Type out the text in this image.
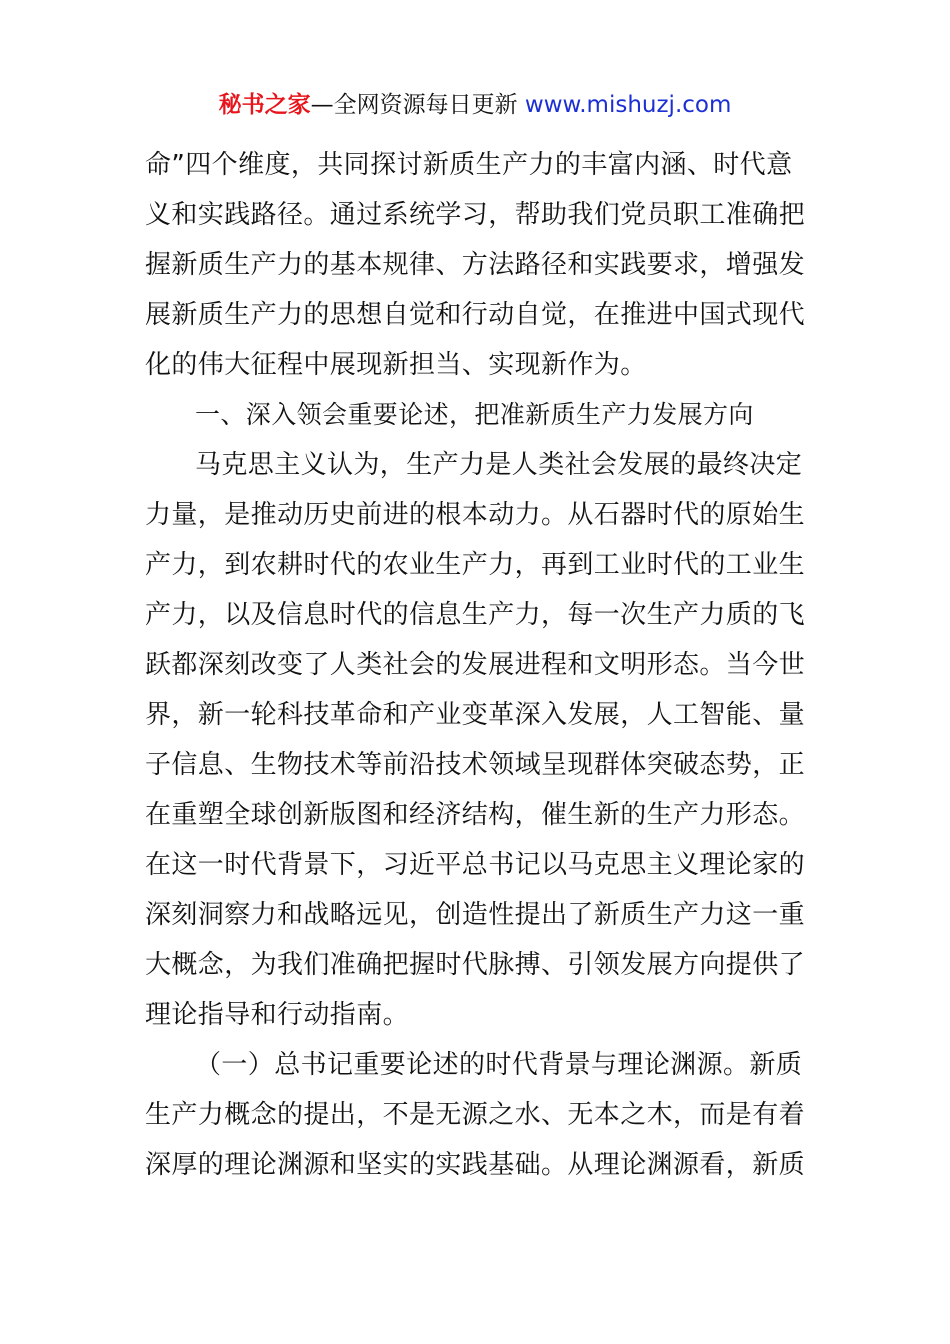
秘书之家—全网资源每日更新 www.mishuzj.com
命”四个维度，共同探讨新质生产力的丰富内涵、时代意
义和实践路径。通过系统学习，帮助我们党员职工准确把
握新质生产力的基本规律、方法路径和实践要求，增强发
展新质生产力的思想自觉和行动自觉，在推进中国式现代
化的伟大征程中展现新担当、实现新作为。
一、深入领会重要论述，把准新质生产力发展方向
马克思主义认为，生产力是人类社会发展的最终决定
力量，是推动历史前进的根本动力。从石器时代的原始生
产力，到农耕时代的农业生产力，再到工业时代的工业生
产力，以及信息时代的信息生产力，每一次生产力质的飞
跃都深刻改变了人类社会的发展进程和文明形态。当今世
界，新一轮科技革命和产业变革深入发展，人工智能、量
子信息、生物技术等前沿技术领域呈现群体突破态势，正
在重塑全球创新版图和经济结构，催生新的生产力形态。
在这一时代背景下，习近平总书记以马克思主义理论家的
深刻洞察力和战略远见，创造性提出了新质生产力这一重
大概念，为我们准确把握时代脉搏、引领发展方向提供了
理论指导和行动指南。
（一）总书记重要论述的时代背景与理论渊源。新质
生产力概念的提出，不是无源之水、无本之木，而是有着
深厚的理论渊源和坚实的实践基础。从理论渊源看，新质
